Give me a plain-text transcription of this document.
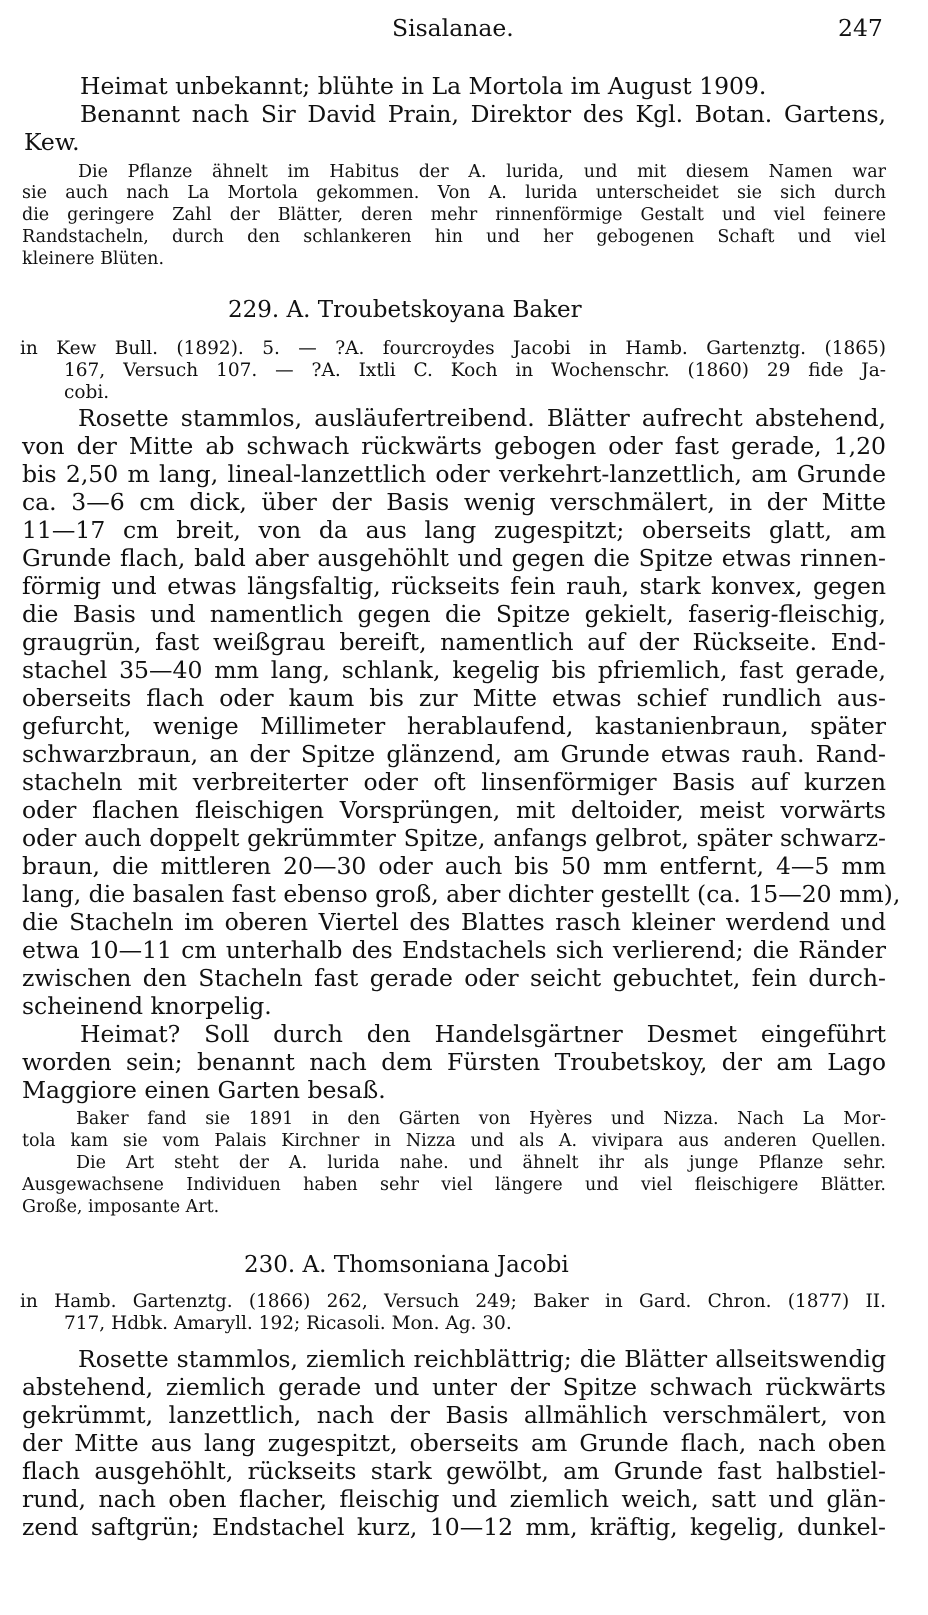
Sisalanae.	247
Heimat unbekannt; blühte in La Mortola im August 1909.
Benannt nach Sir David Prain, Direktor des Kgl. Botan. Gartens,
Kew.
Die Pflanze ähnelt im Habitus der A. lurida, und mit diesem Namen war
sie auch nach La Mortola gekommen. Von A. lurida unterscheidet sie sich durch
die geringere Zahl der Blätter, deren mehr rinnenförmige Gestalt und viel feinere
Randstacheln, durch den schlankeren hin und her gebogenen Schaft und viel
kleinere Blüten.
229. A. Troubetskoyana Baker
in Kew Bull. (1892). 5. — ?A. fourcroydes Jacobi in Hamb. Gartenztg. (1865)
167, Versuch 107. — ?A. Ixtli C. Koch in Wochenschr. (1860) 29 fide Ja-
cobi.
Rosette stammlos, ausläufertreibend. Blätter aufrecht abstehend,
von der Mitte ab schwach rückwärts gebogen oder fast gerade, 1,20
bis 2,50 m lang, lineal-lanzettlich oder verkehrt-lanzettlich, am Grunde
ca. 3—6 cm dick, über der Basis wenig verschmälert, in der Mitte
11—17 cm breit, von da aus lang zugespitzt; oberseits glatt, am
Grunde flach, bald aber ausgehöhlt und gegen die Spitze etwas rinnen-
förmig und etwas längsfaltig, rückseits fein rauh, stark konvex, gegen
die Basis und namentlich gegen die Spitze gekielt, faserig-fleischig,
graugrün, fast weißgrau bereift, namentlich auf der Rückseite. End-
stachel 35—40 mm lang, schlank, kegelig bis pfriemlich, fast gerade,
oberseits flach oder kaum bis zur Mitte etwas schief rundlich aus-
gefurcht, wenige Millimeter herablaufend, kastanienbraun, später
schwarzbraun, an der Spitze glänzend, am Grunde etwas rauh. Rand-
stacheln mit verbreiterter oder oft linsenförmiger Basis auf kurzen
oder flachen fleischigen Vorsprüngen, mit deltoider, meist vorwärts
oder auch doppelt gekrümmter Spitze, anfangs gelbrot, später schwarz-
braun, die mittleren 20—30 oder auch bis 50 mm entfernt, 4—5 mm
lang, die basalen fast ebenso groß, aber dichter gestellt (ca. 15—20 mm),
die Stacheln im oberen Viertel des Blattes rasch kleiner werdend und
etwa 10—11 cm unterhalb des Endstachels sich verlierend; die Ränder
zwischen den Stacheln fast gerade oder seicht gebuchtet, fein durch-
scheinend knorpelig.
Heimat? Soll durch den Handelsgärtner Desmet eingeführt
worden sein; benannt nach dem Fürsten Troubetskoy, der am Lago
Maggiore einen Garten besaß.
Baker fand sie 1891 in den Gärten von Hyères und Nizza. Nach La Mor-
tola kam sie vom Palais Kirchner in Nizza und als A. vivipara aus anderen Quellen.
Die Art steht der A. lurida nahe. und ähnelt ihr als junge Pflanze sehr.
Ausgewachsene Individuen haben sehr viel längere und viel fleischigere Blätter.
Große, imposante Art.
230. A. Thomsoniana Jacobi
in Hamb. Gartenztg. (1866) 262, Versuch 249; Baker in Gard. Chron. (1877) II.
717, Hdbk. Amaryll. 192; Ricasoli. Mon. Ag. 30.
Rosette stammlos, ziemlich reichblättrig; die Blätter allseitswendig
abstehend, ziemlich gerade und unter der Spitze schwach rückwärts
gekrümmt, lanzettlich, nach der Basis allmählich verschmälert, von
der Mitte aus lang zugespitzt, oberseits am Grunde flach, nach oben
flach ausgehöhlt, rückseits stark gewölbt, am Grunde fast halbstiel-
rund, nach oben flacher, fleischig und ziemlich weich, satt und glän-
zend saftgrün; Endstachel kurz, 10—12 mm, kräftig, kegelig, dunkel-
